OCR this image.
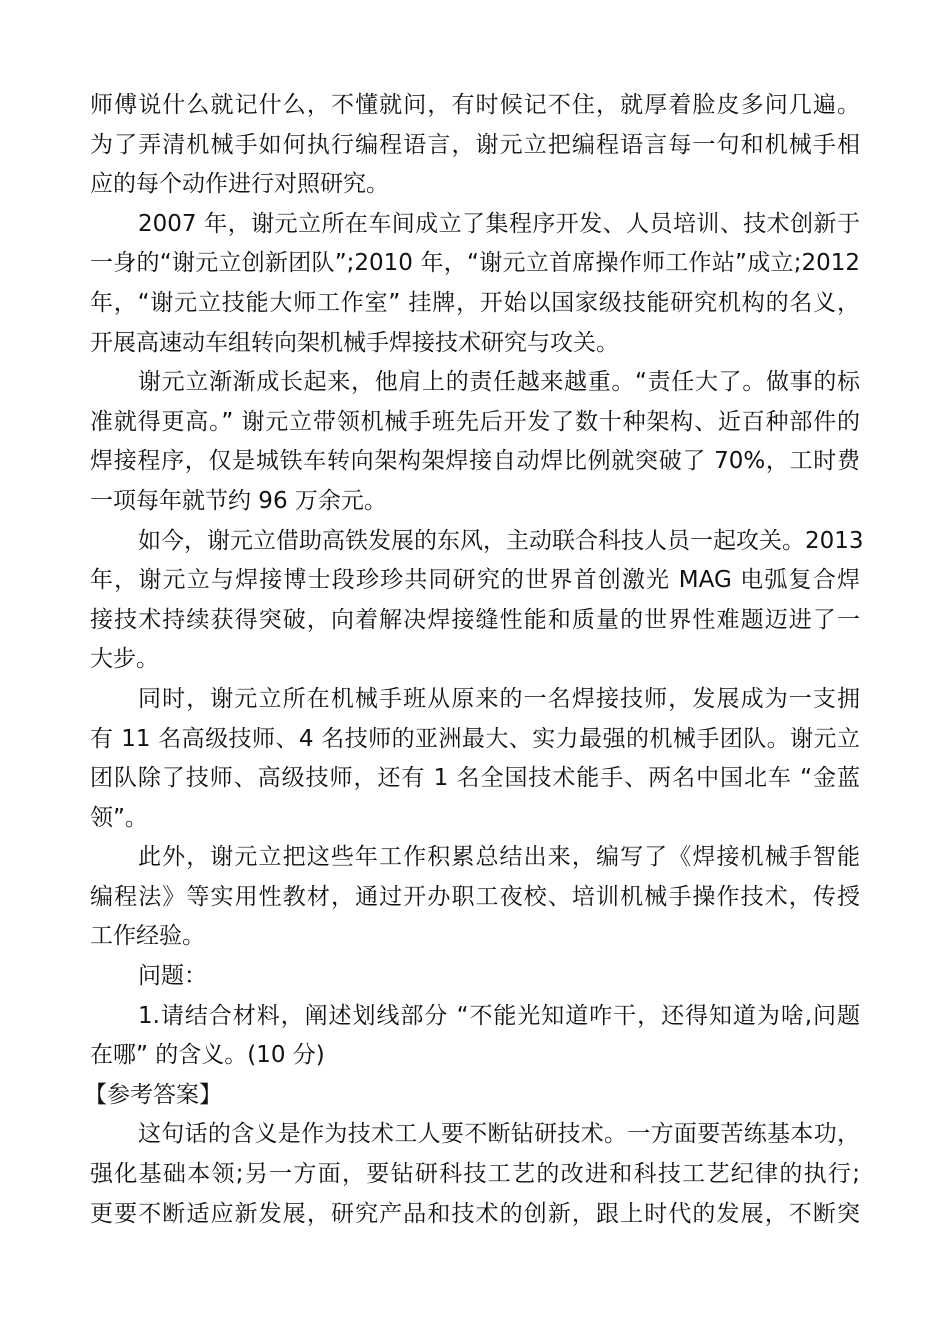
师傅说什么就记什么，不懂就问，有时候记不住，就厚着脸皮多问几遍。
为了弄清机械手如何执行编程语言，谢元立把编程语言每一句和机械手相
应的每个动作进行对照研究。
2007 年，谢元立所在车间成立了集程序开发、人员培训、技术创新于
一身的“谢元立创新团队”;2010 年，“谢元立首席操作师工作站”成立;2012
年，“谢元立技能大师工作室” 挂牌，开始以国家级技能研究机构的名义，
开展高速动车组转向架机械手焊接技术研究与攻关。
谢元立渐渐成长起来，他肩上的责任越来越重。“责任大了。做事的标
准就得更高。” 谢元立带领机械手班先后开发了数十种架构、近百种部件的
焊接程序，仅是城铁车转向架构架焊接自动焊比例就突破了 70%，工时费
一项每年就节约 96 万余元。
如今，谢元立借助高铁发展的东风，主动联合科技人员一起攻关。2013
年，谢元立与焊接博士段珍珍共同研究的世界首创激光 MAG 电弧复合焊
接技术持续获得突破，向着解决焊接缝性能和质量的世界性难题迈进了一
大步。
同时，谢元立所在机械手班从原来的一名焊接技师，发展成为一支拥
有 11 名高级技师、4 名技师的亚洲最大、实力最强的机械手团队。谢元立
团队除了技师、高级技师，还有 1 名全国技术能手、两名中国北车 “金蓝
领”。
此外，谢元立把这些年工作积累总结出来，编写了《焊接机械手智能
编程法》等实用性教材，通过开办职工夜校、培训机械手操作技术，传授
工作经验。
问题：
1.请结合材料，阐述划线部分 “不能光知道咋干，还得知道为啥,问题
在哪” 的含义。(10 分)
【参考答案】
这句话的含义是作为技术工人要不断钻研技术。一方面要苦练基本功，
强化基础本领;另一方面，要钻研科技工艺的改进和科技工艺纪律的执行;
更要不断适应新发展，研究产品和技术的创新，跟上时代的发展，不断突
